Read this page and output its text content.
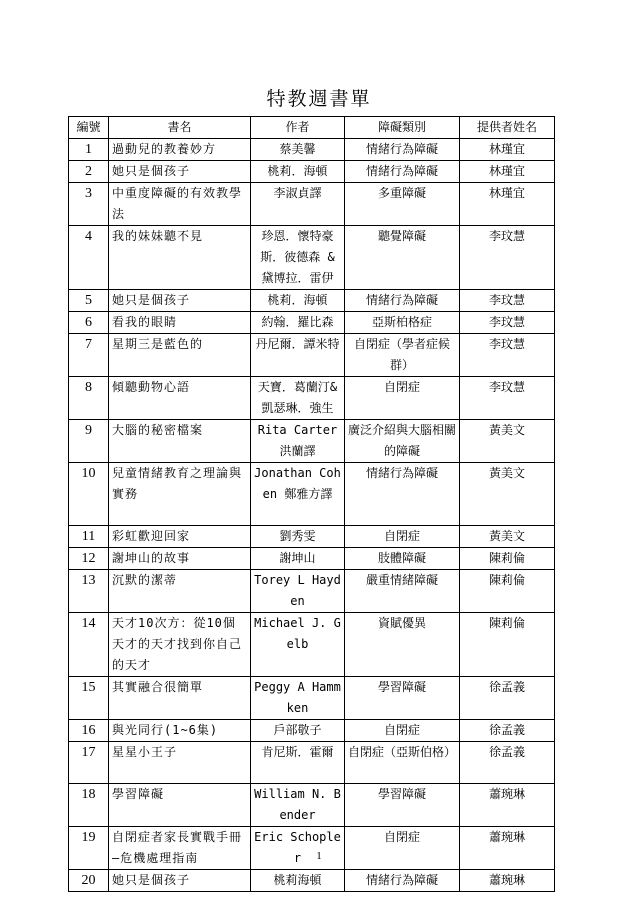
特教週書單
編號	書名	作者	障礙類別	提供者姓名
1	過動兒的教養妙方	蔡美馨	情緒行為障礙	林瑾宜
2	她只是個孩子	桃莉．海頓	情緒行為障礙	林瑾宜
3	中重度障礙的有效教學法	李淑貞譯	多重障礙	林瑾宜
4	我的妹妹聽不見	珍恩．懷特豪斯．彼德森 & 黛博拉．雷伊	聽覺障礙	李玟慧
5	她只是個孩子	桃莉．海頓	情緒行為障礙	李玟慧
6	看我的眼睛	約翰．羅比森	亞斯柏格症	李玟慧
7	星期三是藍色的	丹尼爾．譚米特	自閉症（學者症候群）	李玟慧
8	傾聽動物心語	天寶．葛蘭汀&凱瑟琳．強生	自閉症	李玟慧
9	大腦的秘密檔案	Rita Carter洪蘭譯	廣泛介紹與大腦相關的障礙	黃美文
10	兒童情緒教育之理論與實務	Jonathan Cohen 鄭雅方譯	情緒行為障礙	黃美文
11	彩虹歡迎回家	劉秀雯	自閉症	黃美文
12	謝坤山的故事	謝坤山	肢體障礙	陳莉倫
13	沉默的潔蒂	Torey L Hayden	嚴重情緒障礙	陳莉倫
14	天才10次方：從10個天才的天才找到你自己的天才	Michael J. Gelb	資賦優異	陳莉倫
15	其實融合很簡單	Peggy A Hammken	學習障礙	徐孟義
16	與光同行(1~6集)	戶部敬子	自閉症	徐孟義
17	星星小王子	肯尼斯．霍爾	自閉症（亞斯伯格）	徐孟義
18	學習障礙	William N. Bender	學習障礙	蕭琬琳
19	自閉症者家長實戰手冊—危機處理指南	Eric Schopler	自閉症	蕭琬琳
20	她只是個孩子	桃莉海頓	情緒行為障礙	蕭琬琳
1
